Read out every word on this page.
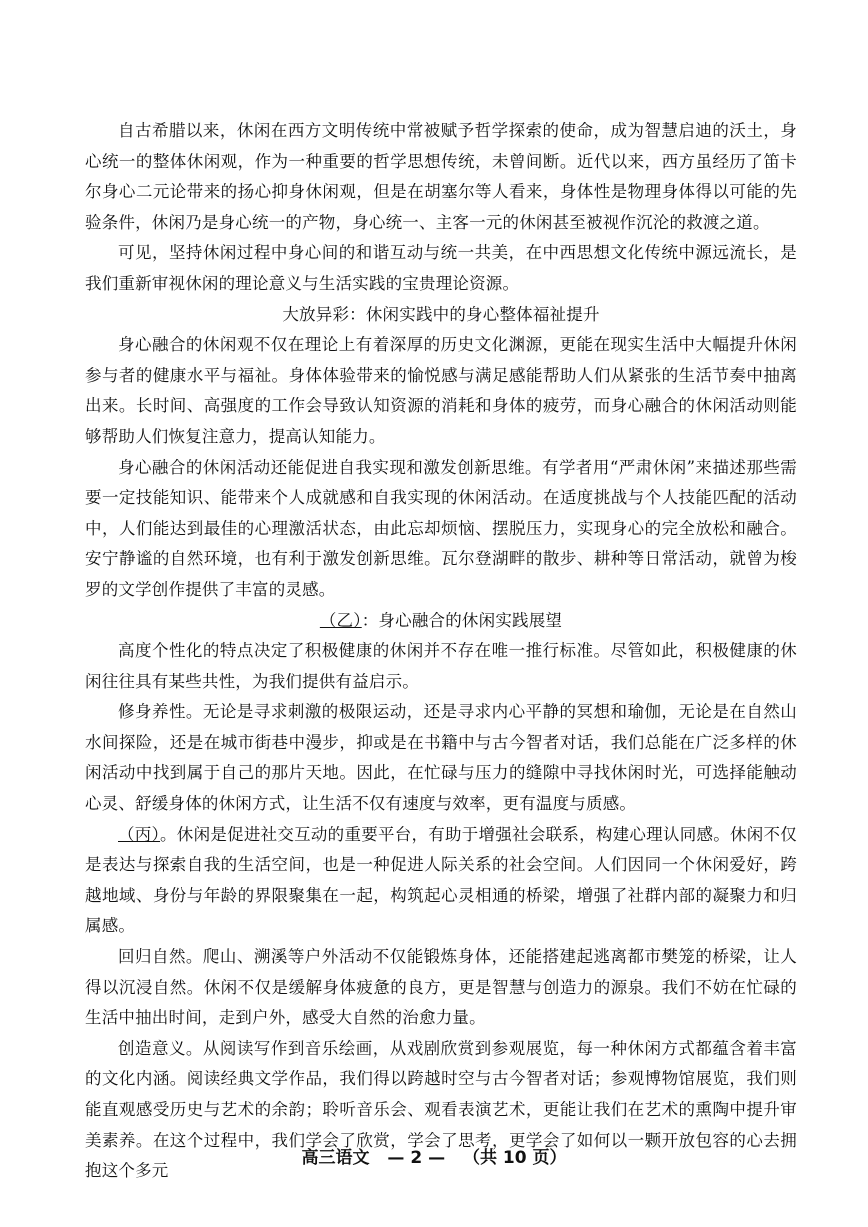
自古希腊以来，休闲在西方文明传统中常被赋予哲学探索的使命，成为智慧启迪的沃土，身心统一的整体休闲观，作为一种重要的哲学思想传统，未曾间断。近代以来，西方虽经历了笛卡尔身心二元论带来的扬心抑身休闲观，但是在胡塞尔等人看来，身体性是物理身体得以可能的先验条件，休闲乃是身心统一的产物，身心统一、主客一元的休闲甚至被视作沉沦的救渡之道。

可见，坚持休闲过程中身心间的和谐互动与统一共美，在中西思想文化传统中源远流长，是我们重新审视休闲的理论意义与生活实践的宝贵理论资源。

大放异彩：休闲实践中的身心整体福祉提升

身心融合的休闲观不仅在理论上有着深厚的历史文化渊源，更能在现实生活中大幅提升休闲参与者的健康水平与福祉。身体体验带来的愉悦感与满足感能帮助人们从紧张的生活节奏中抽离出来。长时间、高强度的工作会导致认知资源的消耗和身体的疲劳，而身心融合的休闲活动则能够帮助人们恢复注意力，提高认知能力。

身心融合的休闲活动还能促进自我实现和激发创新思维。有学者用“严肃休闲”来描述那些需要一定技能知识、能带来个人成就感和自我实现的休闲活动。在适度挑战与个人技能匹配的活动中，人们能达到最佳的心理激活状态，由此忘却烦恼、摆脱压力，实现身心的完全放松和融合。安宁静谧的自然环境，也有利于激发创新思维。瓦尔登湖畔的散步、耕种等日常活动，就曾为梭罗的文学创作提供了丰富的灵感。

（乙）：身心融合的休闲实践展望

高度个性化的特点决定了积极健康的休闲并不存在唯一推行标准。尽管如此，积极健康的休闲往往具有某些共性，为我们提供有益启示。

修身养性。无论是寻求刺激的极限运动，还是寻求内心平静的冥想和瑜伽，无论是在自然山水间探险，还是在城市街巷中漫步，抑或是在书籍中与古今智者对话，我们总能在广泛多样的休闲活动中找到属于自己的那片天地。因此，在忙碌与压力的缝隙中寻找休闲时光，可选择能触动心灵、舒缓身体的休闲方式，让生活不仅有速度与效率，更有温度与质感。

（丙）。休闲是促进社交互动的重要平台，有助于增强社会联系，构建心理认同感。休闲不仅是表达与探索自我的生活空间，也是一种促进人际关系的社会空间。人们因同一个休闲爱好，跨越地域、身份与年龄的界限聚集在一起，构筑起心灵相通的桥梁，增强了社群内部的凝聚力和归属感。

回归自然。爬山、溯溪等户外活动不仅能锻炼身体，还能搭建起逃离都市樊笼的桥梁，让人得以沉浸自然。休闲不仅是缓解身体疲惫的良方，更是智慧与创造力的源泉。我们不妨在忙碌的生活中抽出时间，走到户外，感受大自然的治愈力量。

创造意义。从阅读写作到音乐绘画，从戏剧欣赏到参观展览，每一种休闲方式都蕴含着丰富的文化内涵。阅读经典文学作品，我们得以跨越时空与古今智者对话；参观博物馆展览，我们则能直观感受历史与艺术的余韵；聆听音乐会、观看表演艺术，更能让我们在艺术的熏陶中提升审美素养。在这个过程中，我们学会了欣赏，学会了思考，更学会了如何以一颗开放包容的心去拥抱这个多元

高三语文 — 2 — （共 10 页）
